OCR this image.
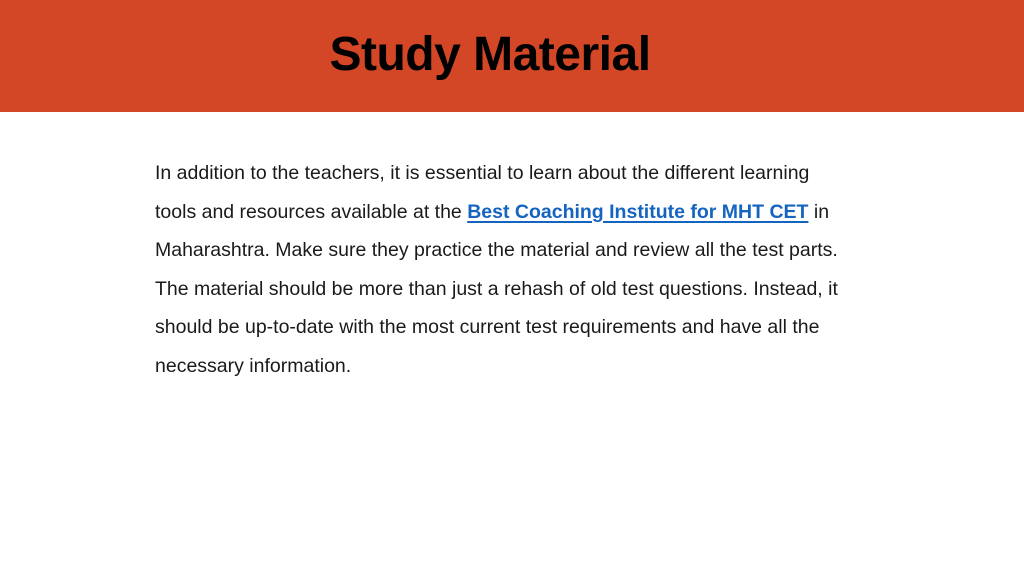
Study Material

In addition to the teachers, it is essential to learn about the different learning tools and resources available at the Best Coaching Institute for MHT CET in Maharashtra. Make sure they practice the material and review all the test parts. The material should be more than just a rehash of old test questions. Instead, it should be up-to-date with the most current test requirements and have all the necessary information.
